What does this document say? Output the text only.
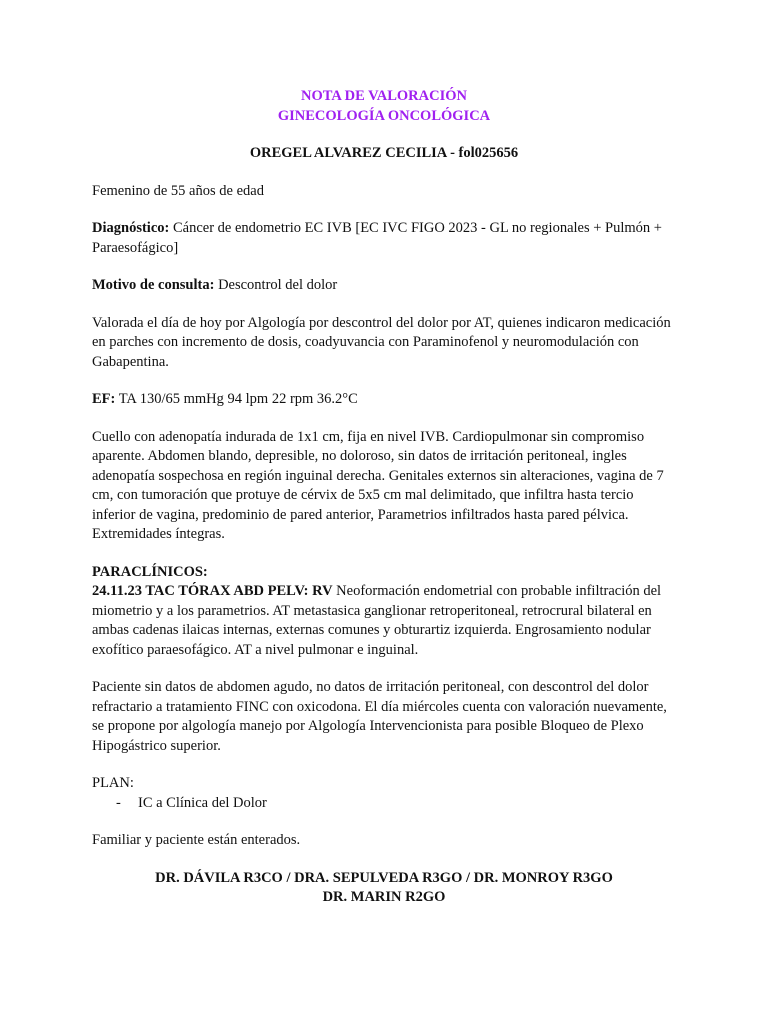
NOTA DE VALORACIÓN
GINECOLOGÍA ONCOLÓGICA
OREGEL ALVAREZ CECILIA - fol025656

Femenino de 55 años de edad

Diagnóstico: Cáncer de endometrio EC IVB [EC IVC FIGO 2023 - GL no regionales + Pulmón + Paraesofágico]

Motivo de consulta: Descontrol del dolor

Valorada el día de hoy por Algología por descontrol del dolor por AT, quienes indicaron medicación en parches con incremento de dosis, coadyuvancia con Paraminofenol y neuromodulación con Gabapentina.

EF: TA 130/65 mmHg 94 lpm 22 rpm 36.2°C

Cuello con adenopatía indurada de 1x1 cm, fija en nivel IVB. Cardiopulmonar sin compromiso aparente. Abdomen blando, depresible, no doloroso, sin datos de irritación peritoneal, ingles adenopatía sospechosa en región inguinal derecha. Genitales externos sin alteraciones, vagina de 7 cm, con tumoración que protuye de cérvix de 5x5 cm mal delimitado, que infiltra hasta tercio inferior de vagina, predominio de pared anterior, Parametrios infiltrados hasta pared pélvica. Extremidades íntegras.

PARACLÍNICOS:

24.11.23 TAC TÓRAX ABD PELV: RV Neoformación endometrial con probable infiltración del miometrio y a los parametrios. AT metastasica ganglionar retroperitoneal, retrocrural bilateral en ambas cadenas ilaicas internas, externas comunes y obturartiz izquierda. Engrosamiento nodular exofítico paraesofágico. AT a nivel pulmonar e inguinal.

Paciente sin datos de abdomen agudo, no datos de irritación peritoneal, con descontrol del dolor refractario a tratamiento FINC con oxicodona. El día miércoles cuenta con valoración nuevamente, se propone por algología manejo por Algología Intervencionista para posible Bloqueo de Plexo Hipogástrico superior.

PLAN:

-	IC a Clínica del Dolor

Familiar y paciente están enterados.

DR. DÁVILA R3CO / DRA. SEPULVEDA R3GO / DR. MONROY R3GO
DR. MARIN R2GO
